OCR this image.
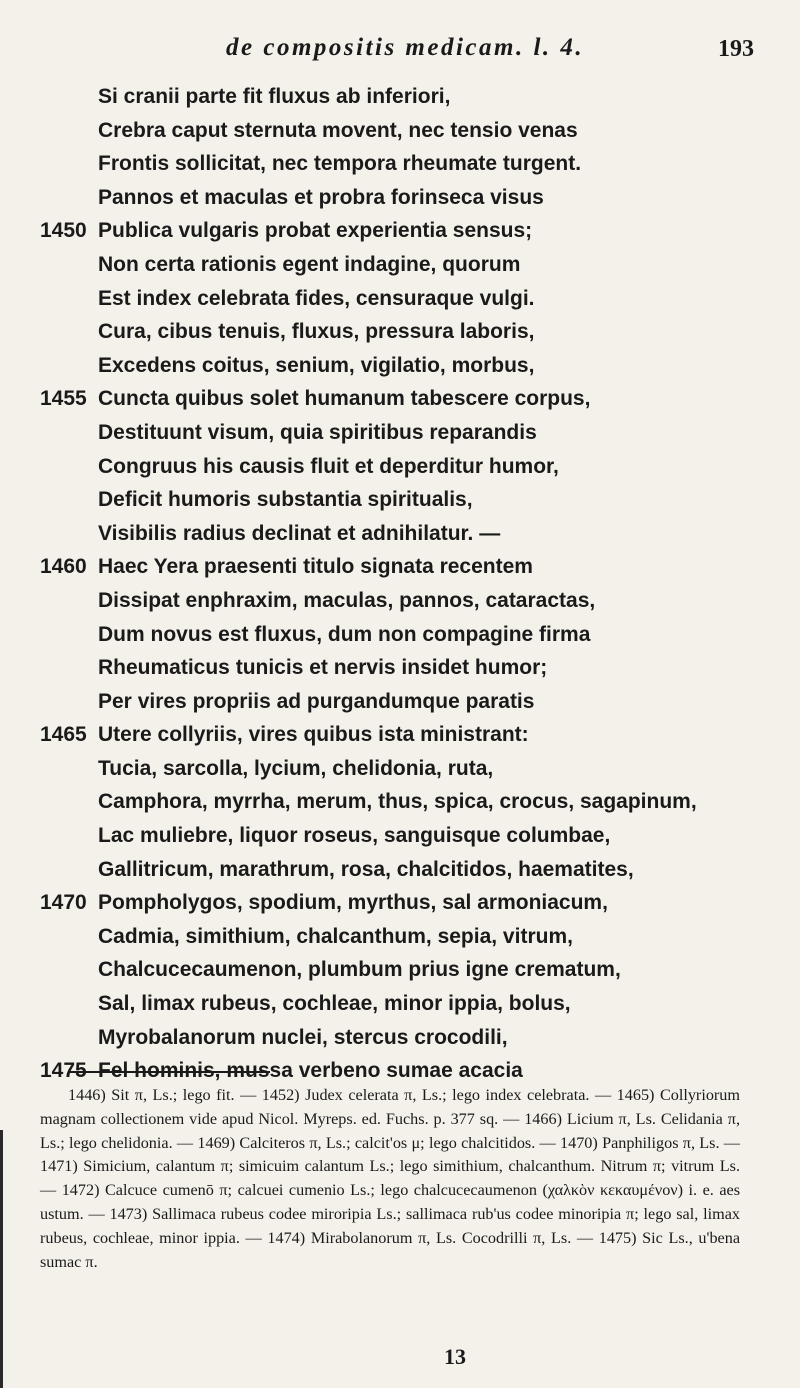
de compositis medicam. l. 4.	193
Si cranii parte fit fluxus ab inferiori,
Crebra caput sternuta movent, nec tensio venas
Frontis sollicitat, nec tempora rheumate turgent.
Pannos et maculas et probra forinseca visus
1450 Publica vulgaris probat experientia sensus;
Non certa rationis egent indagine, quorum
Est index celebrata fides, censuraque vulgi.
Cura, cibus tenuis, fluxus, pressura laboris,
Excedens coitus, senium, vigilatio, morbus,
1455 Cuncta quibus solet humanum tabescere corpus,
Destituunt visum, quia spiritibus reparandis
Congruus his causis fluit et deperditur humor,
Deficit humoris substantia spiritualis,
Visibilis radius declinat et adnihilatur. —
1460 Haec Yera praesenti titulo signata recentem
Dissipat enphraxim, maculas, pannos, cataractas,
Dum novus est fluxus, dum non compagine firma
Rheumaticus tunicis et nervis insidet humor;
Per vires propriis ad purgandumque paratis
1465 Utere collyriis, vires quibus ista ministrant:
Tucia, sarcolla, lycium, chelidonia, ruta,
Camphora, myrrha, merum, thus, spica, crocus, sagapinum,
Lac muliebre, liquor roseus, sanguisque columbae,
Gallitricum, marathrum, rosa, chalcitidos, haematites,
1470 Pompholygos, spodium, myrthus, sal armoniacum,
Cadmia, simithium, chalcanthum, sepia, vitrum,
Chalcucecaumenon, plumbum prius igne crematum,
Sal, limax rubeus, cochleae, minor ippia, bolus,
Myrobalanorum nuclei, stercus crocodili,
1475 Fel hominis, mussa verbeno sumae acacia

1446) Sit π, Ls.; lego fit. — 1452) Judex celerata π, Ls.; lego index celebrata. — 1465) Collyriorum magnam collectionem vide apud Nicol. Myreps. ed. Fuchs. p. 377 sq. — 1466) Licium π, Ls. Celidania π, Ls.; lego chelidonia. — 1469) Calciteros π, Ls.; calcit'os μ; lego chalcitidos. — 1470) Panphiligos π, Ls. — 1471) Simicium, calantum π; simicuim calantum Ls.; lego simithium, chalcanthum. Nitrum π; vitrum Ls. — 1472) Calcuce cumenō π; calcuei cumenio Ls.; lego chalcucecaumenon (χαλκὸν κεκαυμένον) i. e. aes ustum. — 1473) Sallimaca rubeus codee miroripia Ls.; sallimaca rub'us codee minoripia π; lego sal, limax rubeus, cochleae, minor ippia. — 1474) Mirabolanorum π, Ls. Cocodrilli π, Ls. — 1475) Sic Ls., u'bena sumac π.

13
